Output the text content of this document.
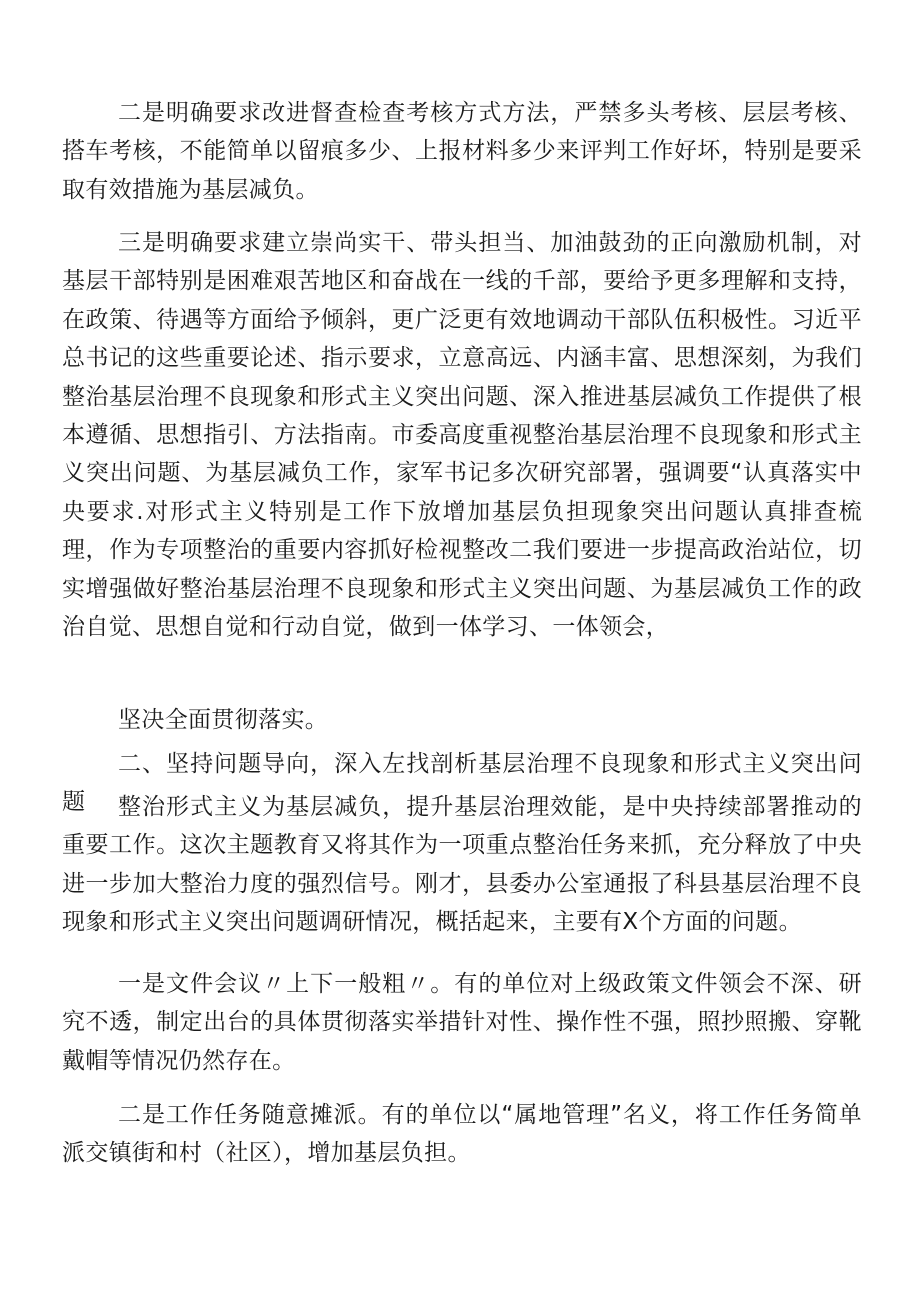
二是明确要求改进督查检查考核方式方法，严禁多头考核、层层考核、搭车考核，不能简单以留痕多少、上报材料多少来评判工作好坏，特别是要采取有效措施为基层减负。

三是明确要求建立崇尚实干、带头担当、加油鼓劲的正向激励机制，对基层干部特别是困难艰苦地区和奋战在一线的千部，要给予更多理解和支持，在政策、待遇等方面给予倾斜，更广泛更有效地调动干部队伍积极性。习近平总书记的这些重要论述、指示要求，立意高远、内涵丰富、思想深刻，为我们整治基层治理不良现象和形式主义突出问题、深入推进基层减负工作提供了根本遵循、思想指引、方法指南。市委高度重视整治基层治理不良现象和形式主义突出问题、为基层减负工作，家军书记多次研究部署，强调要“认真落实中央要求.对形式主义特别是工作下放增加基层负担现象突出问题认真排查梳理，作为专项整治的重要内容抓好检视整改二我们要进一步提高政治站位，切实增强做好整治基层治理不良现象和形式主义突出问题、为基层减负工作的政治自觉、思想自觉和行动自觉，做到一体学习、一体领会，

坚决全面贯彻落实。

二、坚持问题导向，深入左找剖析基层治理不良现象和形式主义突出问题	整治形式主义为基层减负，提升基层治理效能，是中央持续部署推动的重要工作。这次主题教育又将其作为一项重点整治任务来抓，充分释放了中央进一步加大整治力度的强烈信号。刚才，县委办公室通报了科县基层治理不良现象和形式主义突出问题调研情况，概括起来，主要有X个方面的问题。

一是文件会议〃上下一般粗〃。有的单位对上级政策文件领会不深、研究不透，制定出台的具体贯彻落实举措针对性、操作性不强，照抄照搬、穿靴戴帽等情况仍然存在。

二是工作任务随意摊派。有的单位以“属地管理”名义，将工作任务简单派交镇街和村（社区），增加基层负担。
